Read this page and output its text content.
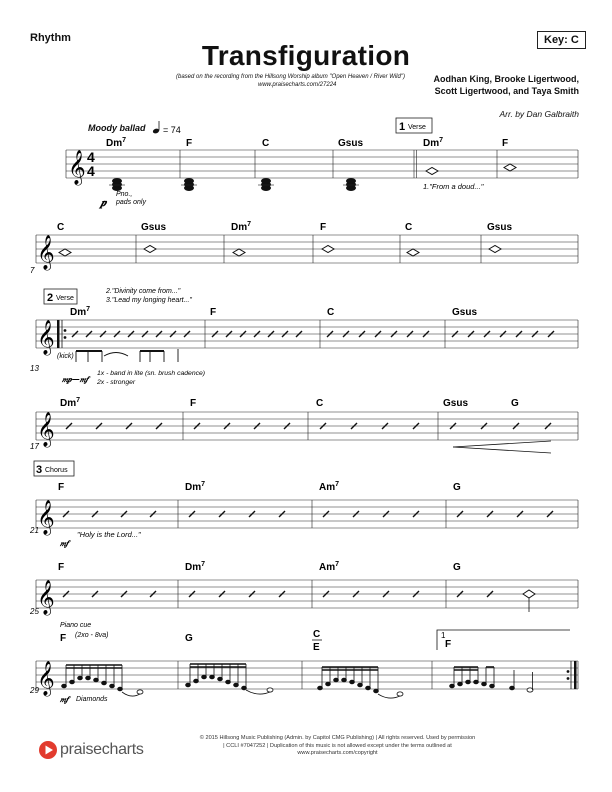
Rhythm	Key: C
Transfiguration
(based on the recording from the Hillsong Worship album "Open Heaven / River Wild")
www.praisecharts.com/27224
Aodhan King, Brooke Ligertwood,
Scott Ligertwood, and Taya Smith
Arr. by Dan Galbraith
Moody ballad = 74
𝄞 4
4
Dm$^7$	F	C	Gsus	Dm$^7$	F
1 Verse
Pno.,
pads only
𝆏
1."From a doud..."
𝄞
C	Gsus	Dm$^7$	F	C	Gsus
7
2 Verse
2."Divinity come from..."
3."Lead my longing heart..."
𝄞
Dm$^7$	F	C	Gsus
(kick)
13
𝆐𝆏—𝆐𝆑
1x - band in lite (sn. brush cadence)
2x - stronger
𝄞
Dm$^7$	F	C	Gsus	G
17
3 Chorus
𝄞
F	Dm$^7$	Am$^7$	G
"Holy is the Lord..."
𝆐𝆑
21
𝄞
F	Dm$^7$	Am$^7$	G
25
Piano cue
(2xo - 8va)
𝄞
F	G	C
E	F
1
𝆐𝆑	Diamonds
29
praisecharts
© 2015 Hillsong Music Publishing (Admin. by Capitol CMG Publishing) | All rights reserved. Used by permission
| CCLI #7047252 | Duplication of this music is not allowed except under the terms outlined at
www.praisecharts.com/copyright
